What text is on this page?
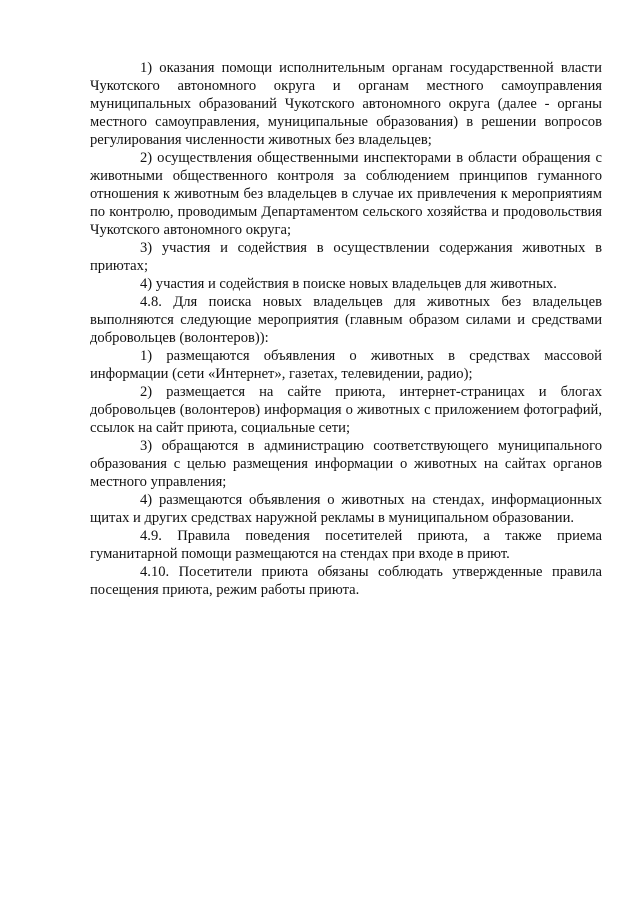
1) оказания помощи исполнительным органам государственной власти Чукотского автономного округа и органам местного самоуправления муниципальных образований Чукотского автономного округа (далее - органы местного самоуправления, муниципальные образования) в решении вопросов регулирования численности животных без владельцев;

2) осуществления общественными инспекторами в области обращения с животными общественного контроля за соблюдением принципов гуманного отношения к животным без владельцев в случае их привлечения к мероприятиям по контролю, проводимым Департаментом сельского хозяйства и продовольствия Чукотского автономного округа;

3) участия и содействия в осуществлении содержания животных в приютах;

4) участия и содействия в поиске новых владельцев для животных.

4.8. Для поиска новых владельцев для животных без владельцев выполняются следующие мероприятия (главным образом силами и средствами добровольцев (волонтеров)):

1) размещаются объявления о животных в средствах массовой информации (сети «Интернет», газетах, телевидении, радио);

2) размещается на сайте приюта, интернет-страницах и блогах добровольцев (волонтеров) информация о животных с приложением фотографий, ссылок на сайт приюта, социальные сети;

3) обращаются в администрацию соответствующего муниципального образования с целью размещения информации о животных на сайтах органов местного управления;

4) размещаются объявления о животных на стендах, информационных щитах и других средствах наружной рекламы в муниципальном образовании.

4.9. Правила поведения посетителей приюта, а также приема гуманитарной помощи размещаются на стендах при входе в приют.

4.10. Посетители приюта обязаны соблюдать утвержденные правила посещения приюта, режим работы приюта.
